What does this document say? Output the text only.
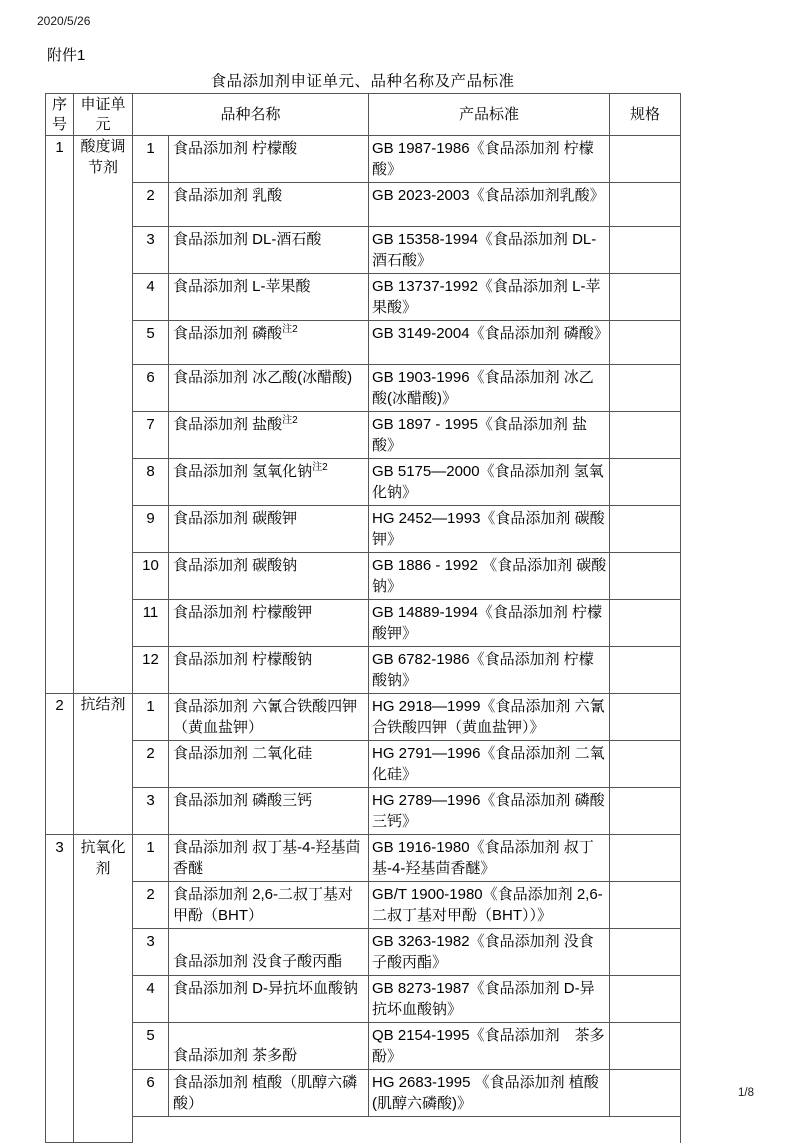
2020/5/26
附件1
食品添加剂申证单元、品种名称及产品标准
序号	申证单元	品种名称		产品标准	规格
1	酸度调节剂	1	食品添加剂 柠檬酸	GB 1987-1986《食品添加剂 柠檬酸》	
		2	食品添加剂 乳酸	GB 2023-2003《食品添加剂乳酸》	
		3	食品添加剂 DL-酒石酸	GB 15358-1994《食品添加剂 DL-酒石酸》	
		4	食品添加剂 L-苹果酸	GB 13737-1992《食品添加剂 L-苹果酸》	
		5	食品添加剂 磷酸$^{注2}$	GB 3149-2004《食品添加剂 磷酸》	
		6	食品添加剂 冰乙酸(冰醋酸)	GB 1903-1996《食品添加剂 冰乙酸(冰醋酸)》	
		7	食品添加剂 盐酸$^{注2}$	GB 1897 - 1995《食品添加剂 盐酸》	
		8	食品添加剂 氢氧化钠$^{注2}$	GB 5175—2000《食品添加剂 氢氧化钠》	
		9	食品添加剂 碳酸钾	HG 2452—1993《食品添加剂 碳酸钾》	
		10	食品添加剂 碳酸钠	GB 1886 - 1992 《食品添加剂 碳酸钠》	
		11	食品添加剂 柠檬酸钾	GB 14889-1994《食品添加剂 柠檬酸钾》	
		12	食品添加剂 柠檬酸钠	GB 6782-1986《食品添加剂 柠檬酸钠》	
2	抗结剂	1	食品添加剂 六氰合铁酸四钾（黄血盐钾）	HG 2918—1999《食品添加剂 六氰合铁酸四钾（黄血盐钾）》	
		2	食品添加剂 二氧化硅	HG 2791—1996《食品添加剂 二氧化硅》	
		3	食品添加剂 磷酸三钙	HG 2789—1996《食品添加剂 磷酸三钙》	
3	抗氧化剂	1	食品添加剂 叔丁基-4-羟基茴香醚	GB 1916-1980《食品添加剂 叔丁基-4-羟基茴香醚》	
		2	食品添加剂 2,6-二叔丁基对甲酚（BHT）	GB/T 1900-1980《食品添加剂 2,6-二叔丁基对甲酚（BHT））》	
		3	食品添加剂 没食子酸丙酯	GB 3263-1982《食品添加剂 没食子酸丙酯》	
		4	食品添加剂 D-异抗坏血酸钠	GB 8273-1987《食品添加剂 D-异抗坏血酸钠》	
		5	食品添加剂 茶多酚	QB 2154-1995《食品添加剂　茶多酚》	
		6	食品添加剂 植酸（肌醇六磷酸）	HG 2683-1995 《食品添加剂 植酸(肌醇六磷酸)》	

1/8
